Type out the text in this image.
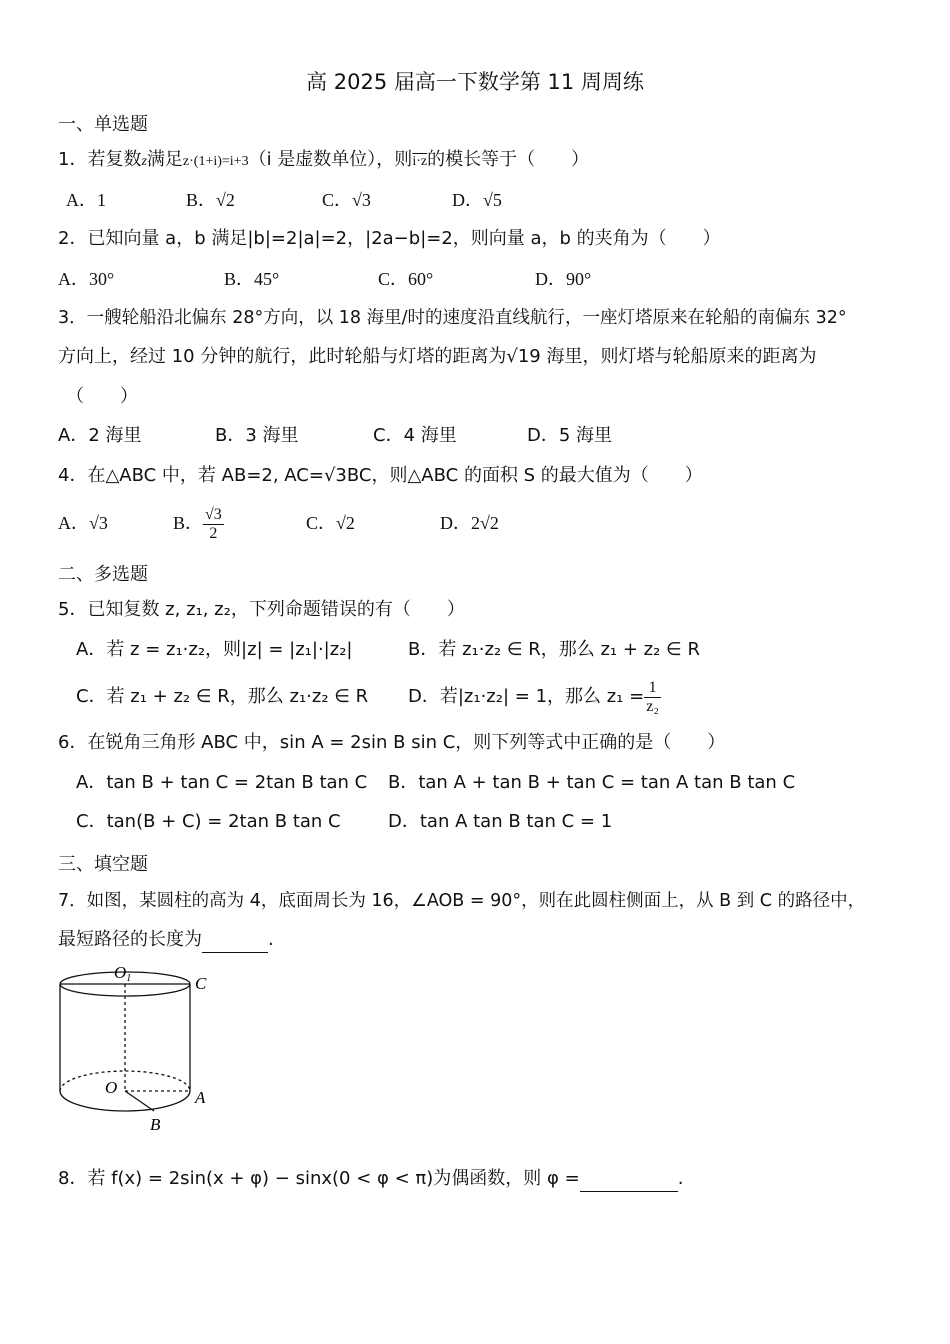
高 2025 届高一下数学第 11 周周练
一、单选题
1．若复数z满足z·(1+i)=i+3（i 是虚数单位），则i·z的模长等于（　　）
A．1	B．√2	C．√3	D．√5
2．已知向量 a，b 满足|b|=2|a|=2，|2a−b|=2，则向量 a，b 的夹角为（　　）
A．30°	B．45°	C．60°	D．90°
3．一艘轮船沿北偏东 28°方向，以 18 海里/时的速度沿直线航行，一座灯塔原来在轮船的南偏东 32°
方向上，经过 10 分钟的航行，此时轮船与灯塔的距离为√19 海里，则灯塔与轮船原来的距离为
（　　）
A．2 海里	B．3 海里	C．4 海里	D．5 海里
4．在△ABC 中，若 AB=2, AC=√3BC，则△ABC 的面积 S 的最大值为（　　）
A．√3	B． $\frac{√3}{2}$	C．√2	D．2√2
二、多选题
5．已知复数 z, z₁, z₂，下列命题错误的有（　　）
A．若 z = z₁·z₂，则|z| = |z₁|·|z₂|	B．若 z₁·z₂ ∈ R，那么 z₁ + z₂ ∈ R
C．若 z₁ + z₂ ∈ R，那么 z₁·z₂ ∈ R D．若|z₁·z₂| = 1，那么 $z_1 = \frac{1}{\text{z₂}}$
6．在锐角三角形 ABC 中，sin A = 2sin B sin C，则下列等式中正确的是（　　）
A．tan B + tan C = 2tan B tan C B．tan A + tan B + tan C = tan A tan B tan C
C．tan(B + C) = 2tan B tan C	D．tan A tan B tan C = 1
三、填空题
7．如图，某圆柱的高为 4，底面周长为 16，∠AOB = 90°，则在此圆柱侧面上，从 B 到 C 的路径中，
最短路径的长度为	.
O1	C
O
A
B
8．若 f(x) = 2sin(x + φ) − sinx(0 < φ < π)为偶函数，则 φ =	.
